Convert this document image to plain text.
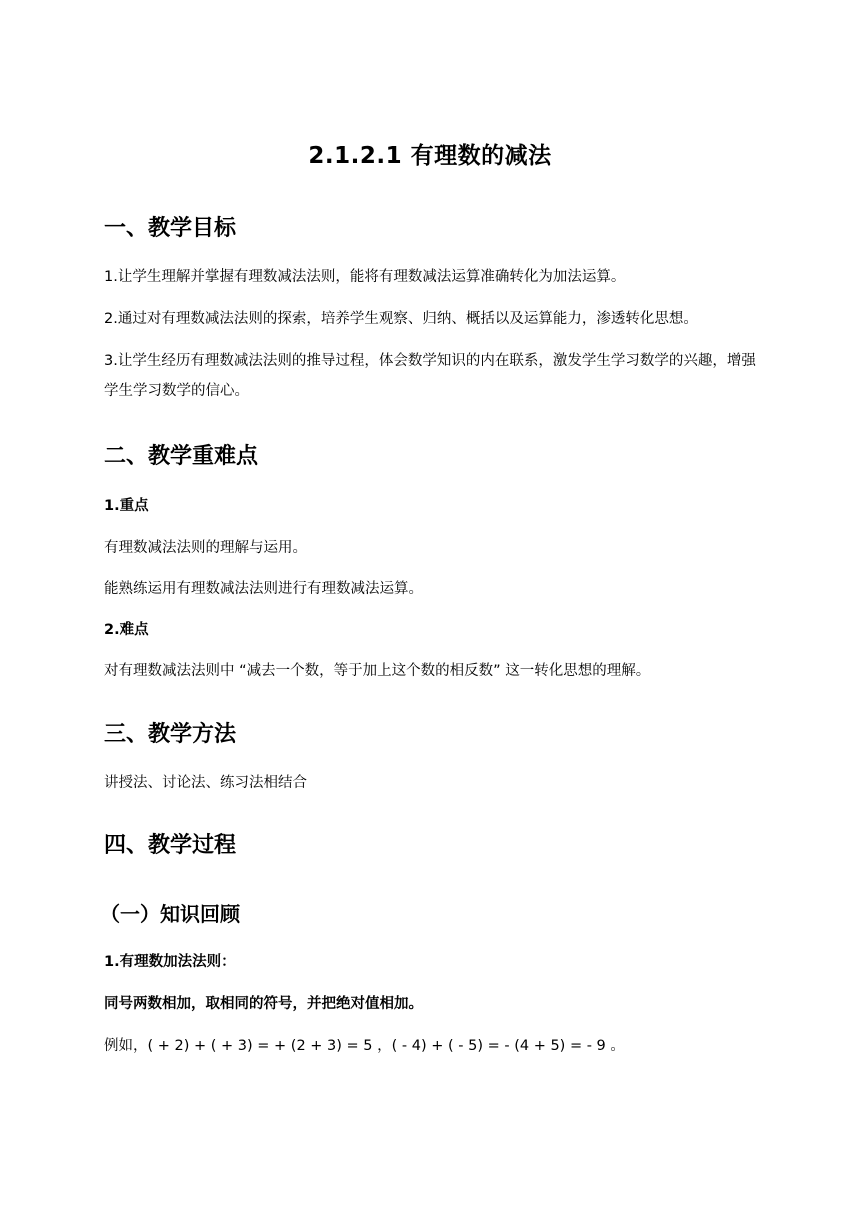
2.1.2.1 有理数的减法
一、教学目标
1.让学生理解并掌握有理数减法法则，能将有理数减法运算准确转化为加法运算。
2.通过对有理数减法法则的探索，培养学生观察、归纳、概括以及运算能力，渗透转化思想。
3.让学生经历有理数减法法则的推导过程，体会数学知识的内在联系，激发学生学习数学的兴趣，增强学生学习数学的信心。
二、教学重难点
1.重点
有理数减法法则的理解与运用。
能熟练运用有理数减法法则进行有理数减法运算。
2.难点
对有理数减法法则中 “减去一个数，等于加上这个数的相反数” 这一转化思想的理解。
三、教学方法
讲授法、讨论法、练习法相结合
四、教学过程
（一）知识回顾
1.有理数加法法则：
同号两数相加，取相同的符号，并把绝对值相加。
例如，( + 2) + ( + 3) = + (2 + 3) = 5 ，( - 4) + ( - 5) = - (4 + 5) = - 9 。
